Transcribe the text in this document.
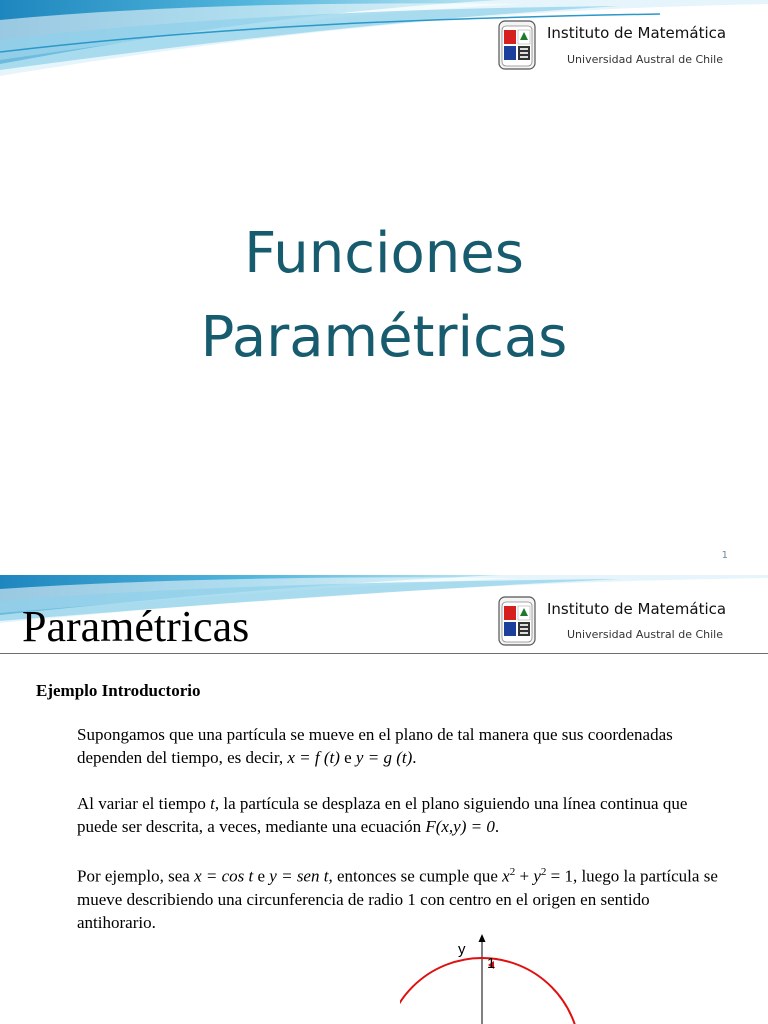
Instituto de Matemática
Universidad Austral de Chile
Funciones
Paramétricas
1
Instituto de Matemática
Universidad Austral de Chile
Paramétricas
Ejemplo Introductorio
Supongamos que una partícula se mueve en el plano de tal manera que sus coordenadas dependen del tiempo, es decir, x = f (t) e y = g (t).
Al variar el tiempo t, la partícula se desplaza en el plano siguiendo una línea continua que puede ser descrita, a veces, mediante una ecuación F(x,y) = 0.
Por ejemplo, sea x = cos t e y = sen t, entonces se cumple que $x^2 + y^2 = 1$, luego la partícula se mueve describiendo una circunferencia de radio 1 con centro en el origen en sentido antihorario.
y
1
